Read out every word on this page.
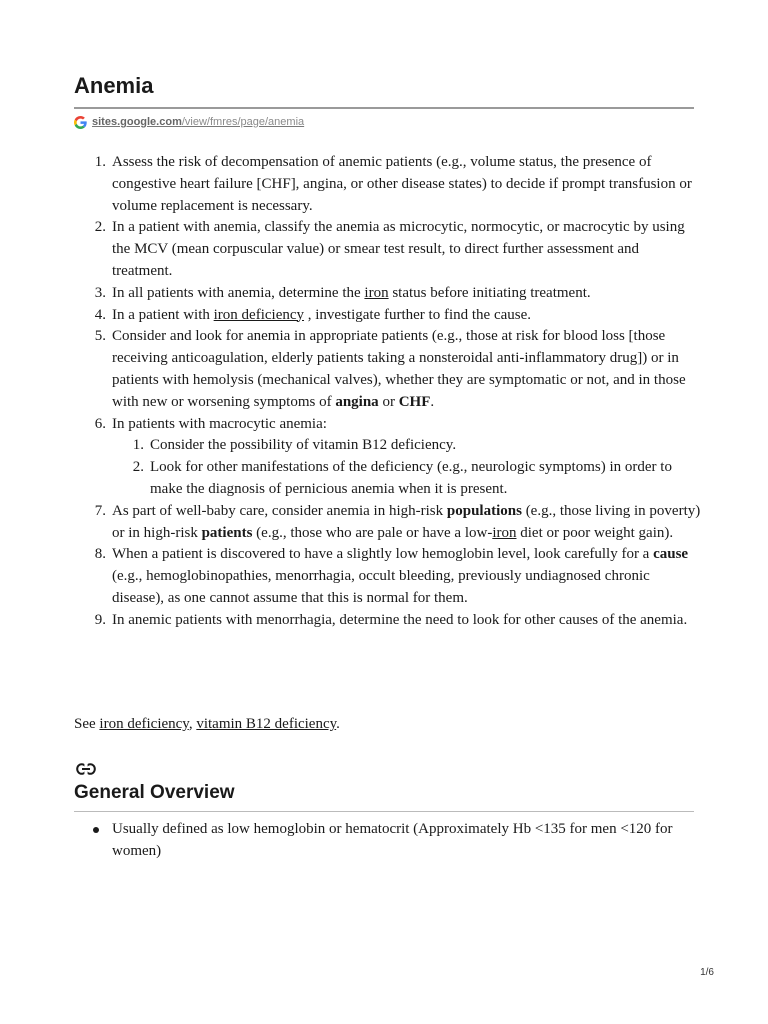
Anemia
sites.google.com/view/fmres/page/anemia
1. Assess the risk of decompensation of anemic patients (e.g., volume status, the presence of congestive heart failure [CHF], angina, or other disease states) to decide if prompt transfusion or volume replacement is necessary.
2. In a patient with anemia, classify the anemia as microcytic, normocytic, or macrocytic by using the MCV (mean corpuscular value) or smear test result, to direct further assessment and treatment.
3. In all patients with anemia, determine the iron status before initiating treatment.
4. In a patient with iron deficiency , investigate further to find the cause.
5. Consider and look for anemia in appropriate patients (e.g., those at risk for blood loss [those receiving anticoagulation, elderly patients taking a nonsteroidal anti-inflammatory drug]) or in patients with hemolysis (mechanical valves), whether they are symptomatic or not, and in those with new or worsening symptoms of angina or CHF.
6. In patients with macrocytic anemia:
1. Consider the possibility of vitamin B12 deficiency.
2. Look for other manifestations of the deficiency (e.g., neurologic symptoms) in order to make the diagnosis of pernicious anemia when it is present.
7. As part of well-baby care, consider anemia in high-risk populations (e.g., those living in poverty) or in high-risk patients (e.g., those who are pale or have a low-iron diet or poor weight gain).
8. When a patient is discovered to have a slightly low hemoglobin level, look carefully for a cause (e.g., hemoglobinopathies, menorrhagia, occult bleeding, previously undiagnosed chronic disease), as one cannot assume that this is normal for them.
9. In anemic patients with menorrhagia, determine the need to look for other causes of the anemia.

See iron deficiency, vitamin B12 deficiency.

General Overview
Usually defined as low hemoglobin or hematocrit (Approximately Hb <135 for men <120 for women)
1/6
